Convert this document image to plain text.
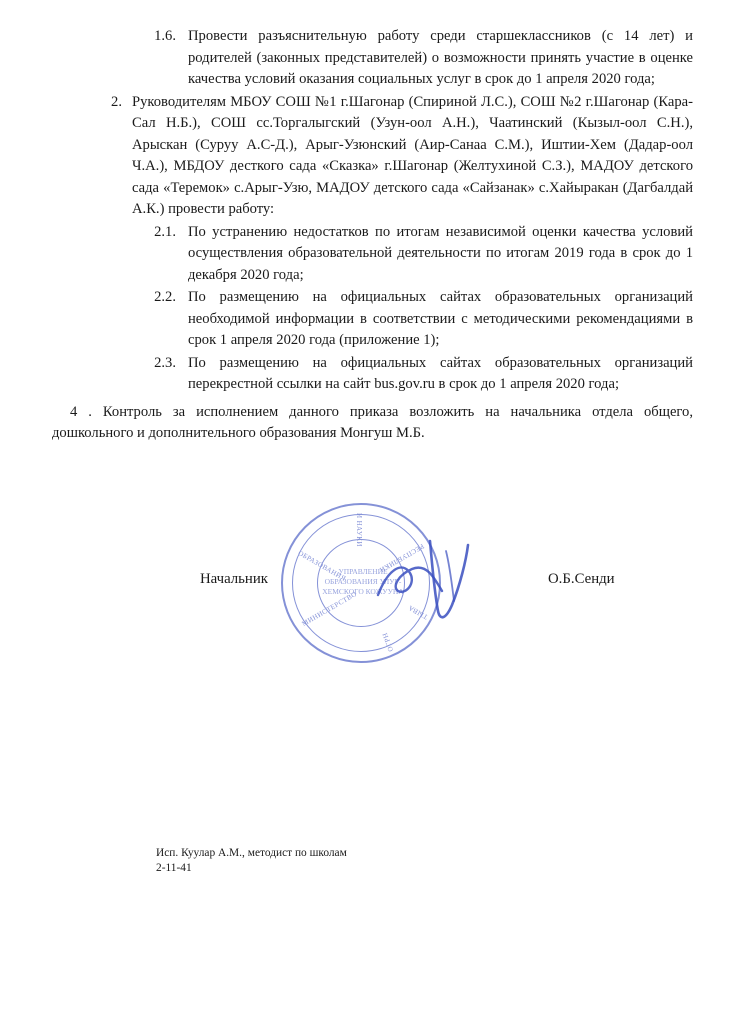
1.6. Провести разъяснительную работу среди старшеклассников (с 14 лет) и родителей (законных представителей) о возможности принять участие в оценке качества условий оказания социальных услуг в срок до 1 апреля 2020 года;
2. Руководителям МБОУ СОШ №1 г.Шагонар (Спириной Л.С.), СОШ №2 г.Шагонар (Кара-Сал Н.Б.), СОШ сс.Торгалыгский (Узун-оол А.Н.), Чаатинский (Кызыл-оол С.Н.), Арыскан (Суруу А.С-Д.), Арыг-Узюнский (Аир-Санаа С.М.), Иштии-Хем (Дадар-оол Ч.А.), МБДОУ десткого сада «Сказка» г.Шагонар (Желтухиной С.З.), МАДОУ детского сада «Теремок» с.Арыг-Узю, МАДОУ детского сада «Сайзанак» с.Хайыракан (Дагбалдай А.К.) провести работу:
2.1. По устранению недостатков по итогам независимой оценки качества условий осуществления образовательной деятельности по итогам 2019 года в срок до 1 декабря 2020 года;
2.2. По размещению на официальных сайтах образовательных организаций необходимой информации в соответствии с методическими рекомендациями в срок 1 апреля 2020 года (приложение 1);
2.3. По размещению на официальных сайтах образовательных организаций перекрестной ссылки на сайт bus.gov.ru в срок до 1 апреля 2020 года;
4 . Контроль за исполнением данного приказа возложить на начальника отдела общего, дошкольного и дополнительного образования Монгуш М.Б.
МИНИСТЕРСТВО
ОБРАЗОВАНИЯ
И НАУКИ
РЕСПУБЛИКИ
ТЫВА
ОГРН
УПРАВЛЕНИЕ ОБРАЗОВАНИЯ УЛУГ-ХЕМСКОГО КОЖУУНА
Начальник	О.Б.Сенди
Исп. Куулар А.М., методист по школам
2-11-41
